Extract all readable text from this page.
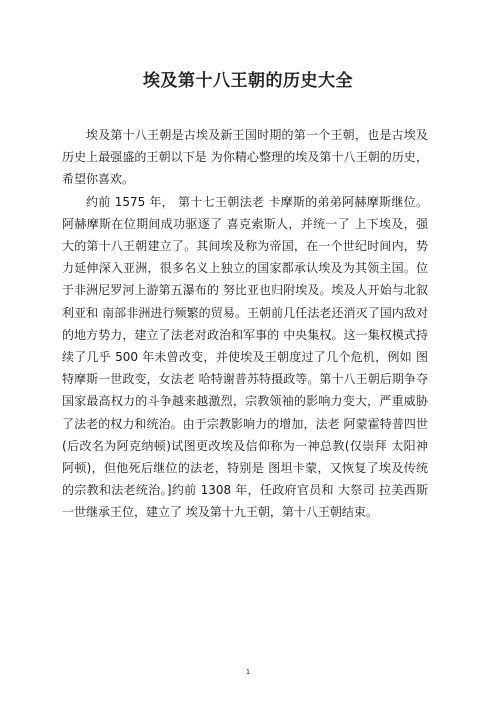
埃及第十八王朝的历史大全

埃及第十八王朝是古埃及新王国时期的第一个王朝，也是古埃及历史上最强盛的王朝以下是 为你精心整理的埃及第十八王朝的历史，希望你喜欢。

约前 1575 年， 第十七王朝法老 卡摩斯的弟弟阿赫摩斯继位。阿赫摩斯在位期间成功驱逐了 喜克索斯人，并统一了 上下埃及，强大的第十八王朝建立了。其间埃及称为帝国，在一个世纪时间内，势力延伸深入亚洲，很多名义上独立的国家都承认埃及为其领主国。位于非洲尼罗河上游第五瀑布的 努比亚也归附埃及。埃及人开始与北叙利亚和 南部非洲进行频繁的贸易。王朝前几任法老还消灭了国内敌对的地方势力，建立了法老对政治和军事的 中央集权。这一集权模式持续了几乎 500 年未曾改变，并使埃及王朝度过了几个危机，例如 图特摩斯一世政变，女法老 哈特谢普苏特摄政等。第十八王朝后期争夺国家最高权力的斗争越来越激烈，宗教领袖的影响力变大，严重威胁了法老的权力和统治。由于宗教影响力的增加，法老 阿蒙霍特普四世(后改名为阿克纳顿)试图更改埃及信仰称为一神总教(仅崇拜 太阳神 阿顿)，但他死后继位的法老，特别是 图坦卡蒙，又恢复了埃及传统的宗教和法老统治。]约前 1308 年，任政府官员和 大祭司 拉美西斯一世继承王位，建立了 埃及第十九王朝，第十八王朝结束。

1
